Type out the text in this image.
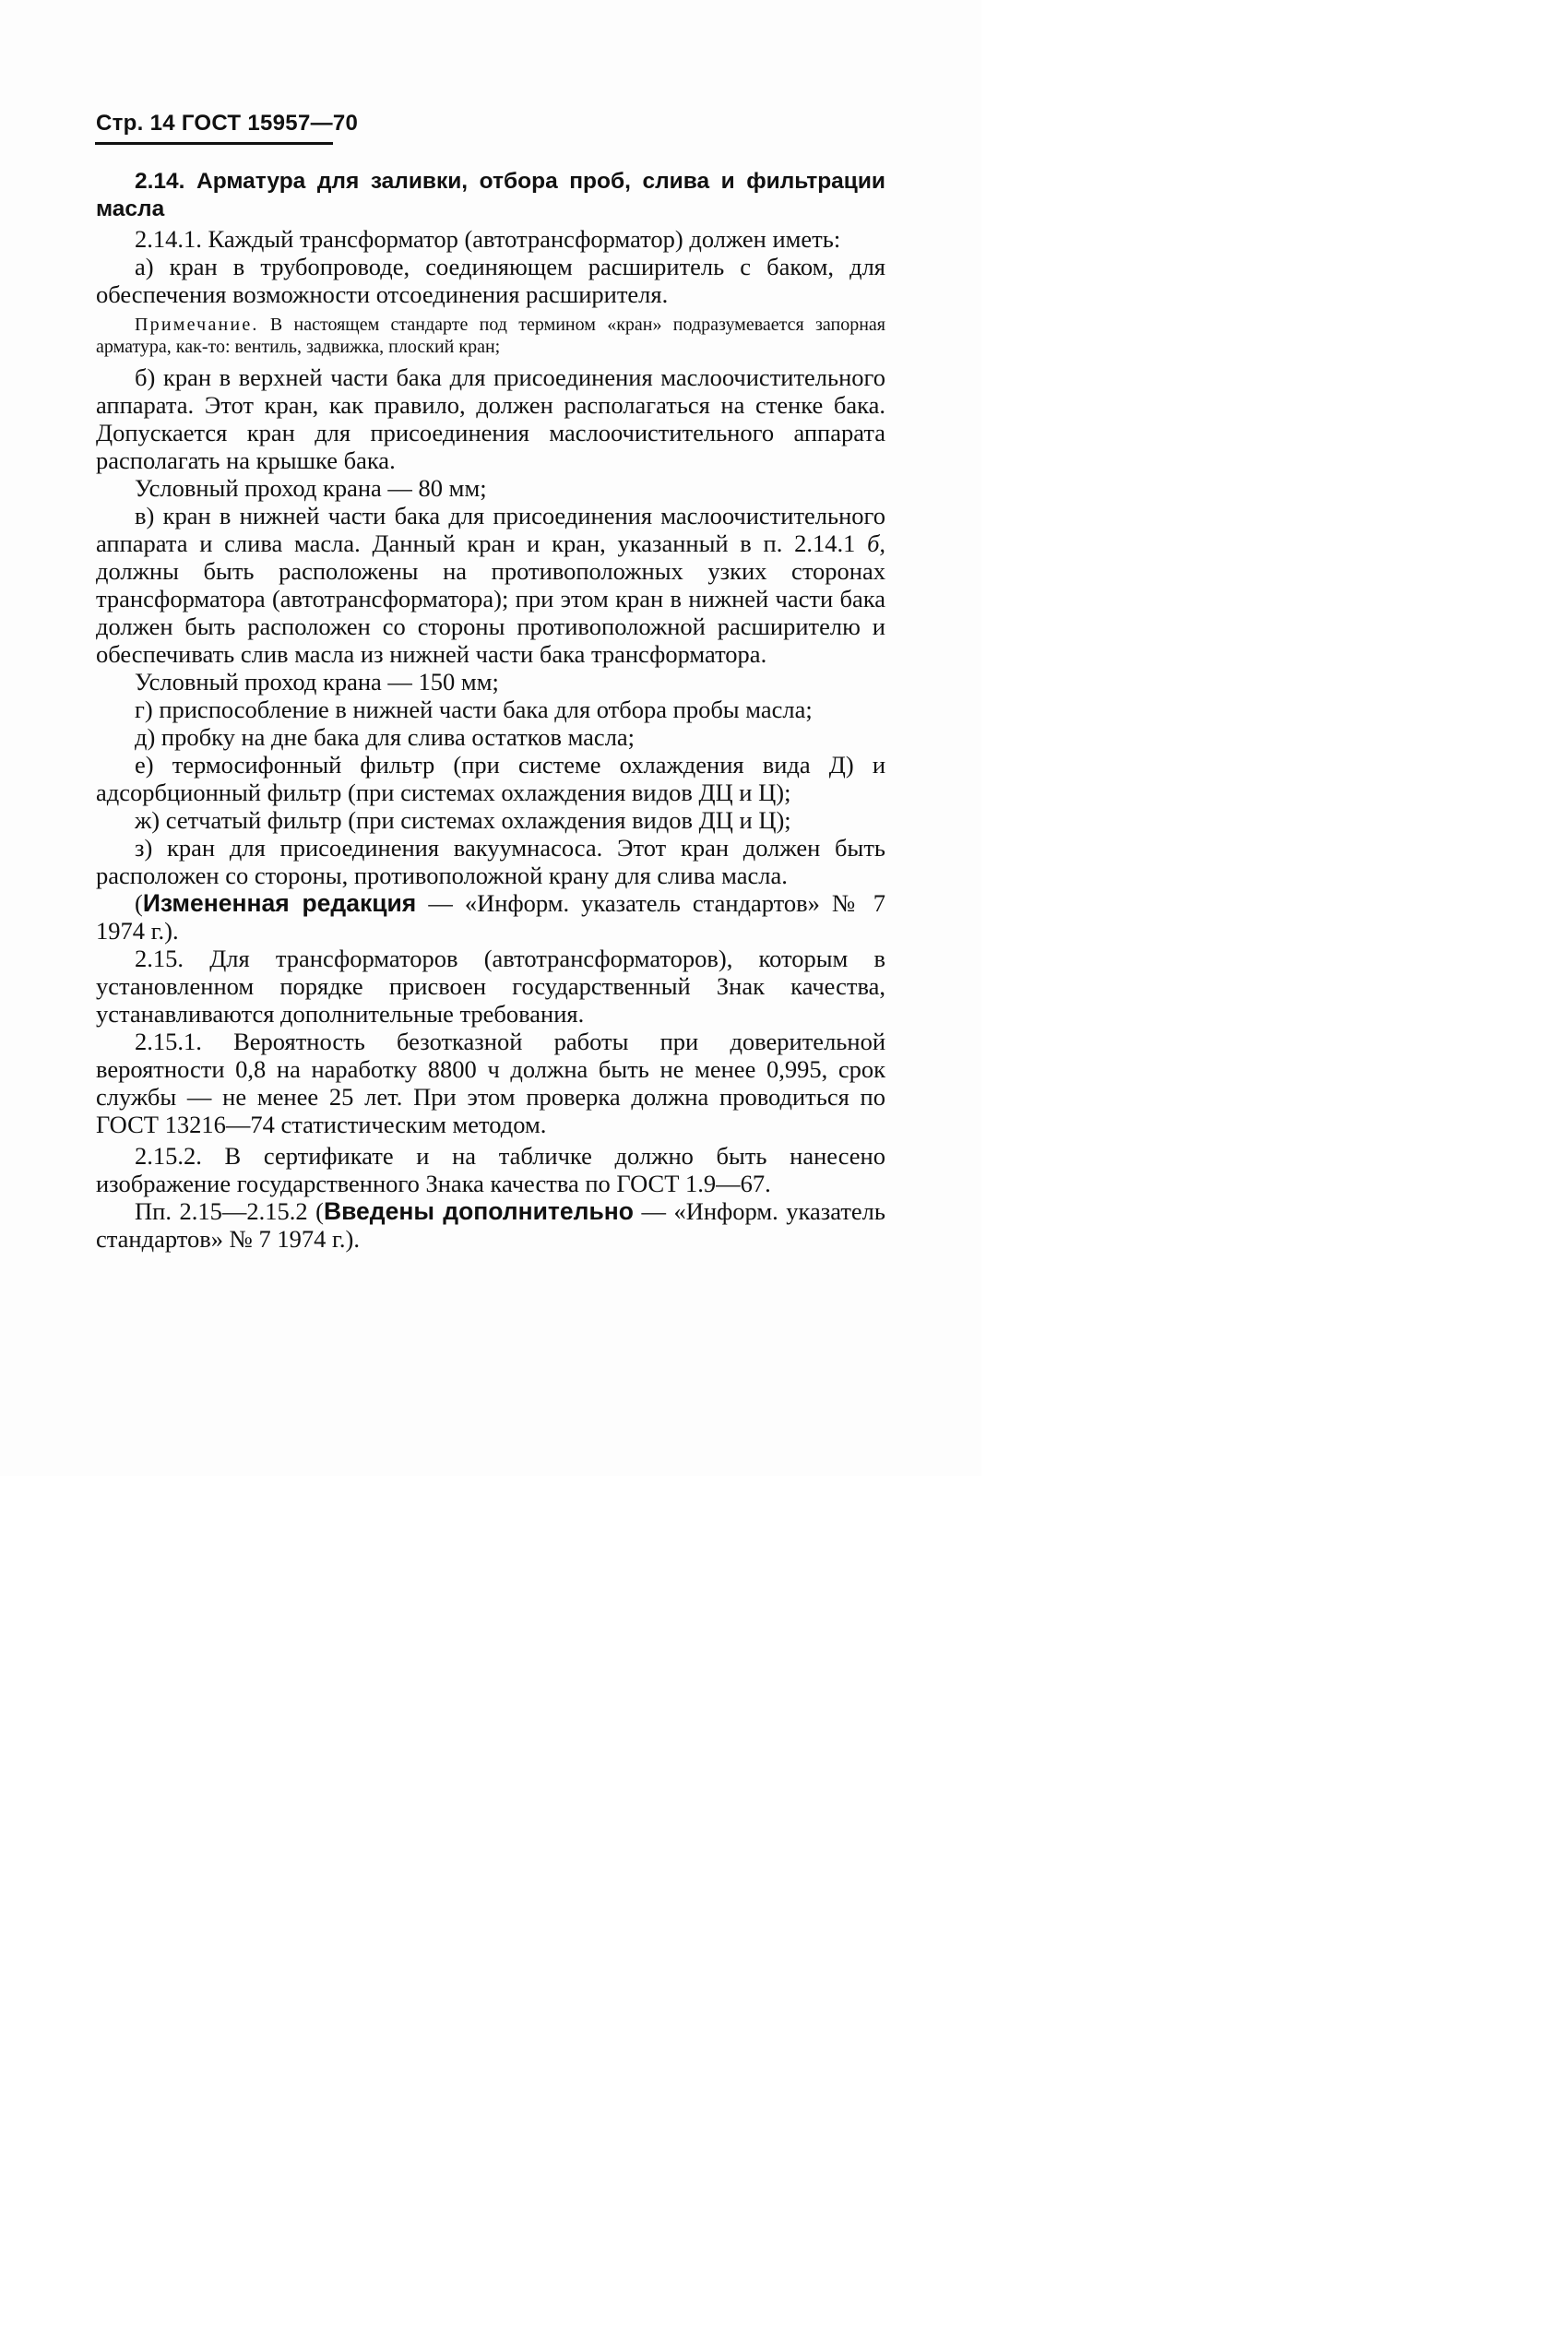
Стр. 14 ГОСТ 15957—70

2.14. Арматура для заливки, отбора проб, слива и фильтрации масла

2.14.1. Каждый трансформатор (автотрансформатор) должен иметь:

а) кран в трубопроводе, соединяющем расширитель с баком, для обеспечения возможности отсоединения расширителя.

Примечание. В настоящем стандарте под термином «кран» подразумевается запорная арматура, как-то: вентиль, задвижка, плоский кран;

б) кран в верхней части бака для присоединения маслоочистительного аппарата. Этот кран, как правило, должен располагаться на стенке бака. Допускается кран для присоединения маслоочистительного аппарата располагать на крышке бака.

Условный проход крана — 80 мм;

в) кран в нижней части бака для присоединения маслоочистительного аппарата и слива масла. Данный кран и кран, указанный в п. 2.14.1 б, должны быть расположены на противоположных узких сторонах трансформатора (автотрансформатора); при этом кран в нижней части бака должен быть расположен со стороны противоположной расширителю и обеспечивать слив масла из нижней части бака трансформатора.

Условный проход крана — 150 мм;

г) приспособление в нижней части бака для отбора пробы масла;

д) пробку на дне бака для слива остатков масла;

е) термосифонный фильтр (при системе охлаждения вида Д) и адсорбционный фильтр (при системах охлаждения видов ДЦ и Ц);

ж) сетчатый фильтр (при системах охлаждения видов ДЦ и Ц);

з) кран для присоединения вакуумнасоса. Этот кран должен быть расположен со стороны, противоположной крану для слива масла.

(Измененная редакция — «Информ. указатель стандартов» № 7 1974 г.).

2.15. Для трансформаторов (автотрансформаторов), которым в установленном порядке присвоен государственный Знак качества, устанавливаются дополнительные требования.

2.15.1. Вероятность безотказной работы при доверительной вероятности 0,8 на наработку 8800 ч должна быть не менее 0,995, срок службы — не менее 25 лет. При этом проверка должна проводиться по ГОСТ 13216—74 статистическим методом.

2.15.2. В сертификате и на табличке должно быть нанесено изображение государственного Знака качества по ГОСТ 1.9—67.

Пп. 2.15—2.15.2 (Введены дополнительно — «Информ. указатель стандартов» № 7 1974 г.).
